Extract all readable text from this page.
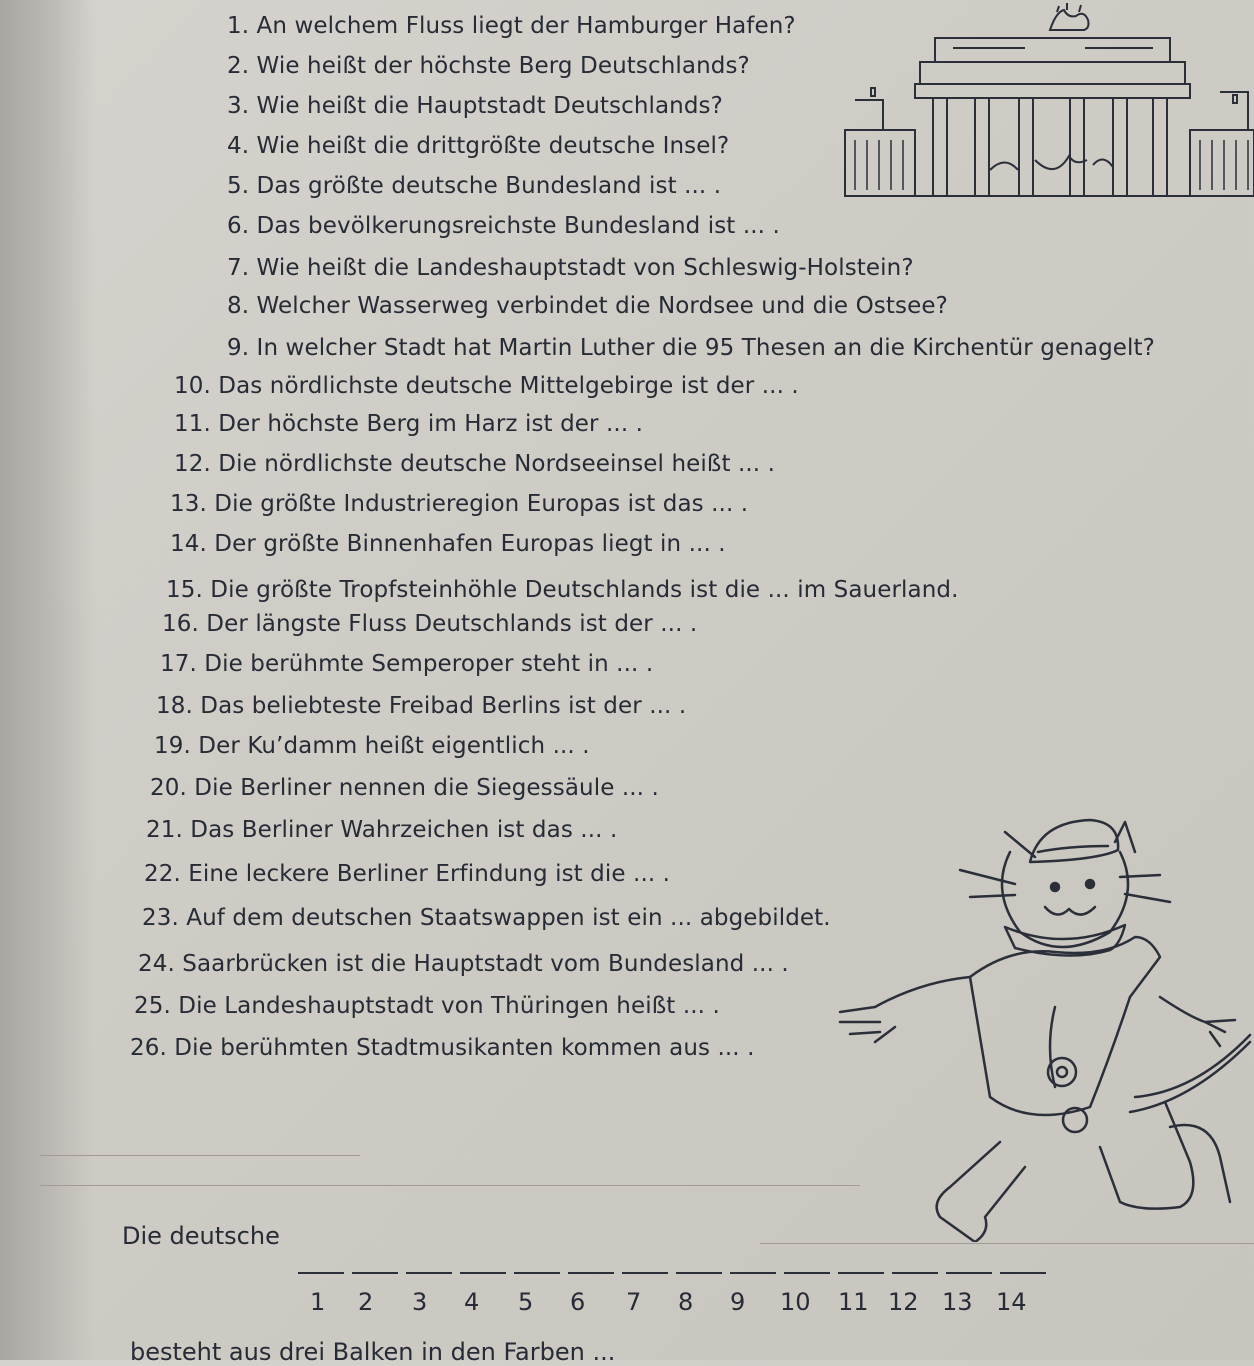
1. An welchem Fluss liegt der Hamburger Hafen?
2. Wie heißt der höchste Berg Deutschlands?
3. Wie heißt die Hauptstadt Deutschlands?
4. Wie heißt die drittgrößte deutsche Insel?
5. Das größte deutsche Bundesland ist ... .
6. Das bevölkerungsreichste Bundesland ist ... .
7. Wie heißt die Landeshauptstadt von Schleswig-Holstein?
8. Welcher Wasserweg verbindet die Nordsee und die Ostsee?
9. In welcher Stadt hat Martin Luther die 95 Thesen an die Kirchentür genagelt?
10. Das nördlichste deutsche Mittelgebirge ist der ... .
11. Der höchste Berg im Harz ist der ... .
12. Die nördlichste deutsche Nordseeinsel heißt ... .
13. Die größte Industrieregion Europas ist das ... .
14. Der größte Binnenhafen Europas liegt in ... .
15. Die größte Tropfsteinhöhle Deutschlands ist die ... im Sauerland.
16. Der längste Fluss Deutschlands ist der ... .
17. Die berühmte Semperoper steht in ... .
18. Das beliebteste Freibad Berlins ist der ... .
19. Der Ku’damm heißt eigentlich ... .
20. Die Berliner nennen die Siegessäule ... .
21. Das Berliner Wahrzeichen ist das ... .
22. Eine leckere Berliner Erfindung ist die ... .
23. Auf dem deutschen Staatswappen ist ein ... abgebildet.
24. Saarbrücken ist die Hauptstadt vom Bundesland ... .
25. Die Landeshauptstadt von Thüringen heißt ... .
26. Die berühmten Stadtmusikanten kommen aus ... .
Die deutsche
1 2 3 4 5 6 7 8 9 10 11 12 13 14
besteht aus drei Balken in den Farben ...
